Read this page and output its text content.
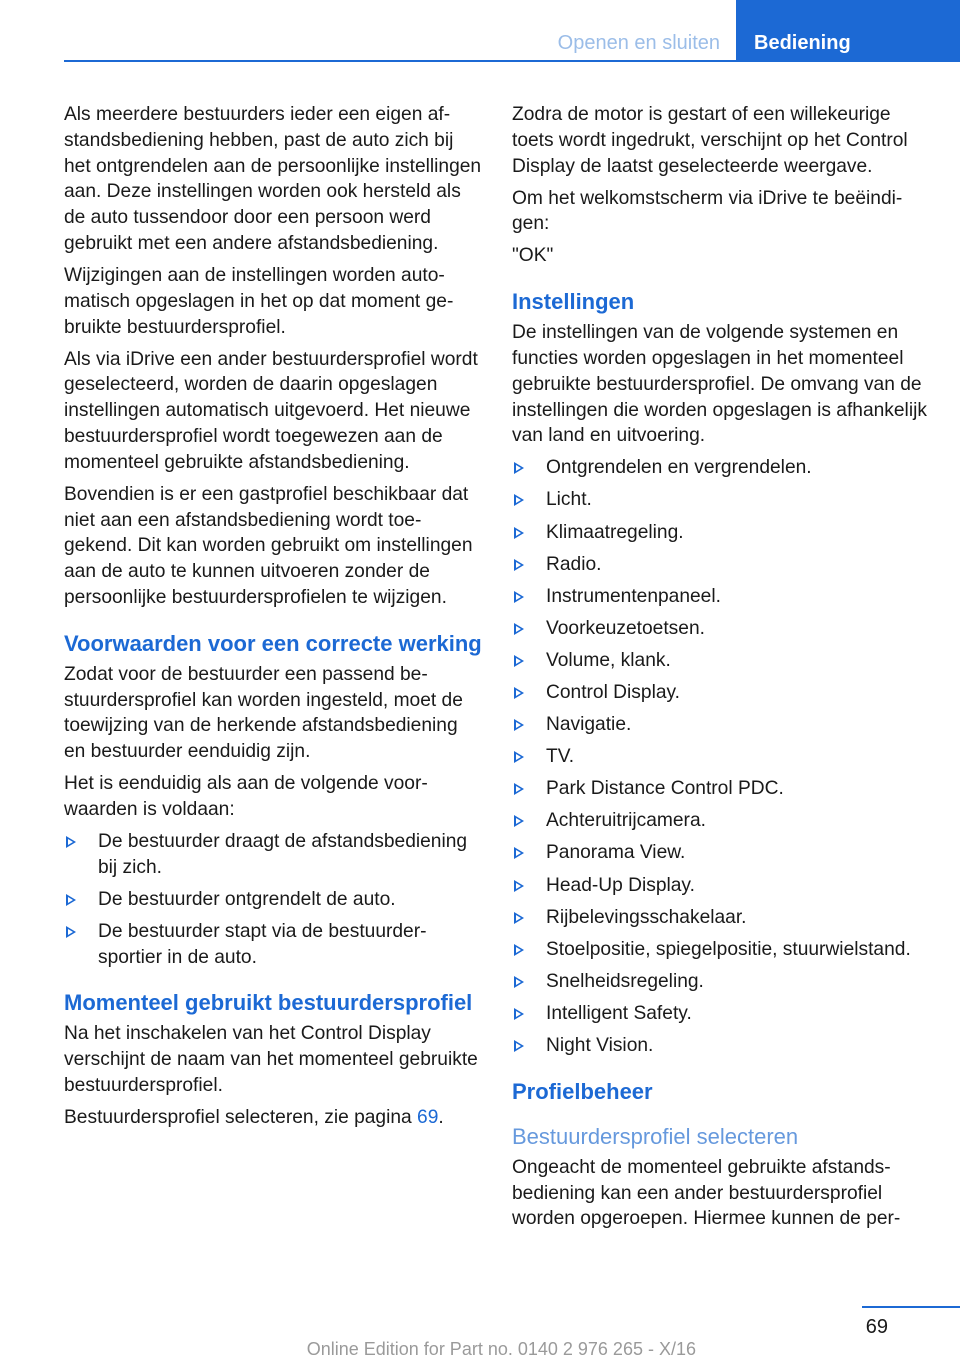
Openen en sluiten	Bediening

Als meerdere bestuurders ieder een eigen afstandsbediening hebben, past de auto zich bij het ontgrendelen aan de persoonlijke instellingen aan. Deze instellingen worden ook hersteld als de auto tussendoor door een persoon werd gebruikt met een andere afstandsbediening.

Wijzigingen aan de instellingen worden automatisch opgeslagen in het op dat moment gebruikte bestuurdersprofiel.

Als via iDrive een ander bestuurdersprofiel wordt geselecteerd, worden de daarin opgeslagen instellingen automatisch uitgevoerd. Het nieuwe bestuurdersprofiel wordt toegewezen aan de momenteel gebruikte afstandsbediening.

Bovendien is er een gastprofiel beschikbaar dat niet aan een afstandsbediening wordt toegekend. Dit kan worden gebruikt om instellingen aan de auto te kunnen uitvoeren zonder de persoonlijke bestuurdersprofielen te wijzigen.

Voorwaarden voor een correcte werking

Zodat voor de bestuurder een passend bestuurdersprofiel kan worden ingesteld, moet de toewijzing van de herkende afstandsbediening en bestuurder eenduidig zijn.

Het is eenduidig als aan de volgende voorwaarden is voldaan:

De bestuurder draagt de afstandsbediening bij zich.
De bestuurder ontgrendelt de auto.
De bestuurder stapt via de bestuurdersportier in de auto.
Momenteel gebruikt bestuurdersprofiel

Na het inschakelen van het Control Display verschijnt de naam van het momenteel gebruikte bestuurdersprofiel.

Bestuurdersprofiel selecteren, zie pagina 69.

Zodra de motor is gestart of een willekeurige toets wordt ingedrukt, verschijnt op het Control Display de laatst geselecteerde weergave.

Om het welkomstscherm via iDrive te beëindigen:

"OK"

Instellingen

De instellingen van de volgende systemen en functies worden opgeslagen in het momenteel gebruikte bestuurdersprofiel. De omvang van de instellingen die worden opgeslagen is afhankelijk van land en uitvoering.

Ontgrendelen en vergrendelen.
Licht.
Klimaatregeling.
Radio.
Instrumentenpaneel.
Voorkeuzetoetsen.
Volume, klank.
Control Display.
Navigatie.
TV.
Park Distance Control PDC.
Achteruitrijcamera.
Panorama View.
Head-Up Display.
Rijbelevingsschakelaar.
Stoelpositie, spiegelpositie, stuurwielstand.
Snelheidsregeling.
Intelligent Safety.
Night Vision.
Profielbeheer
Bestuurdersprofiel selecteren

Ongeacht de momenteel gebruikte afstandsbediening kan een ander bestuurdersprofiel worden opgeroepen. Hiermee kunnen de per-

69
Online Edition for Part no. 0140 2 976 265 - X/16
